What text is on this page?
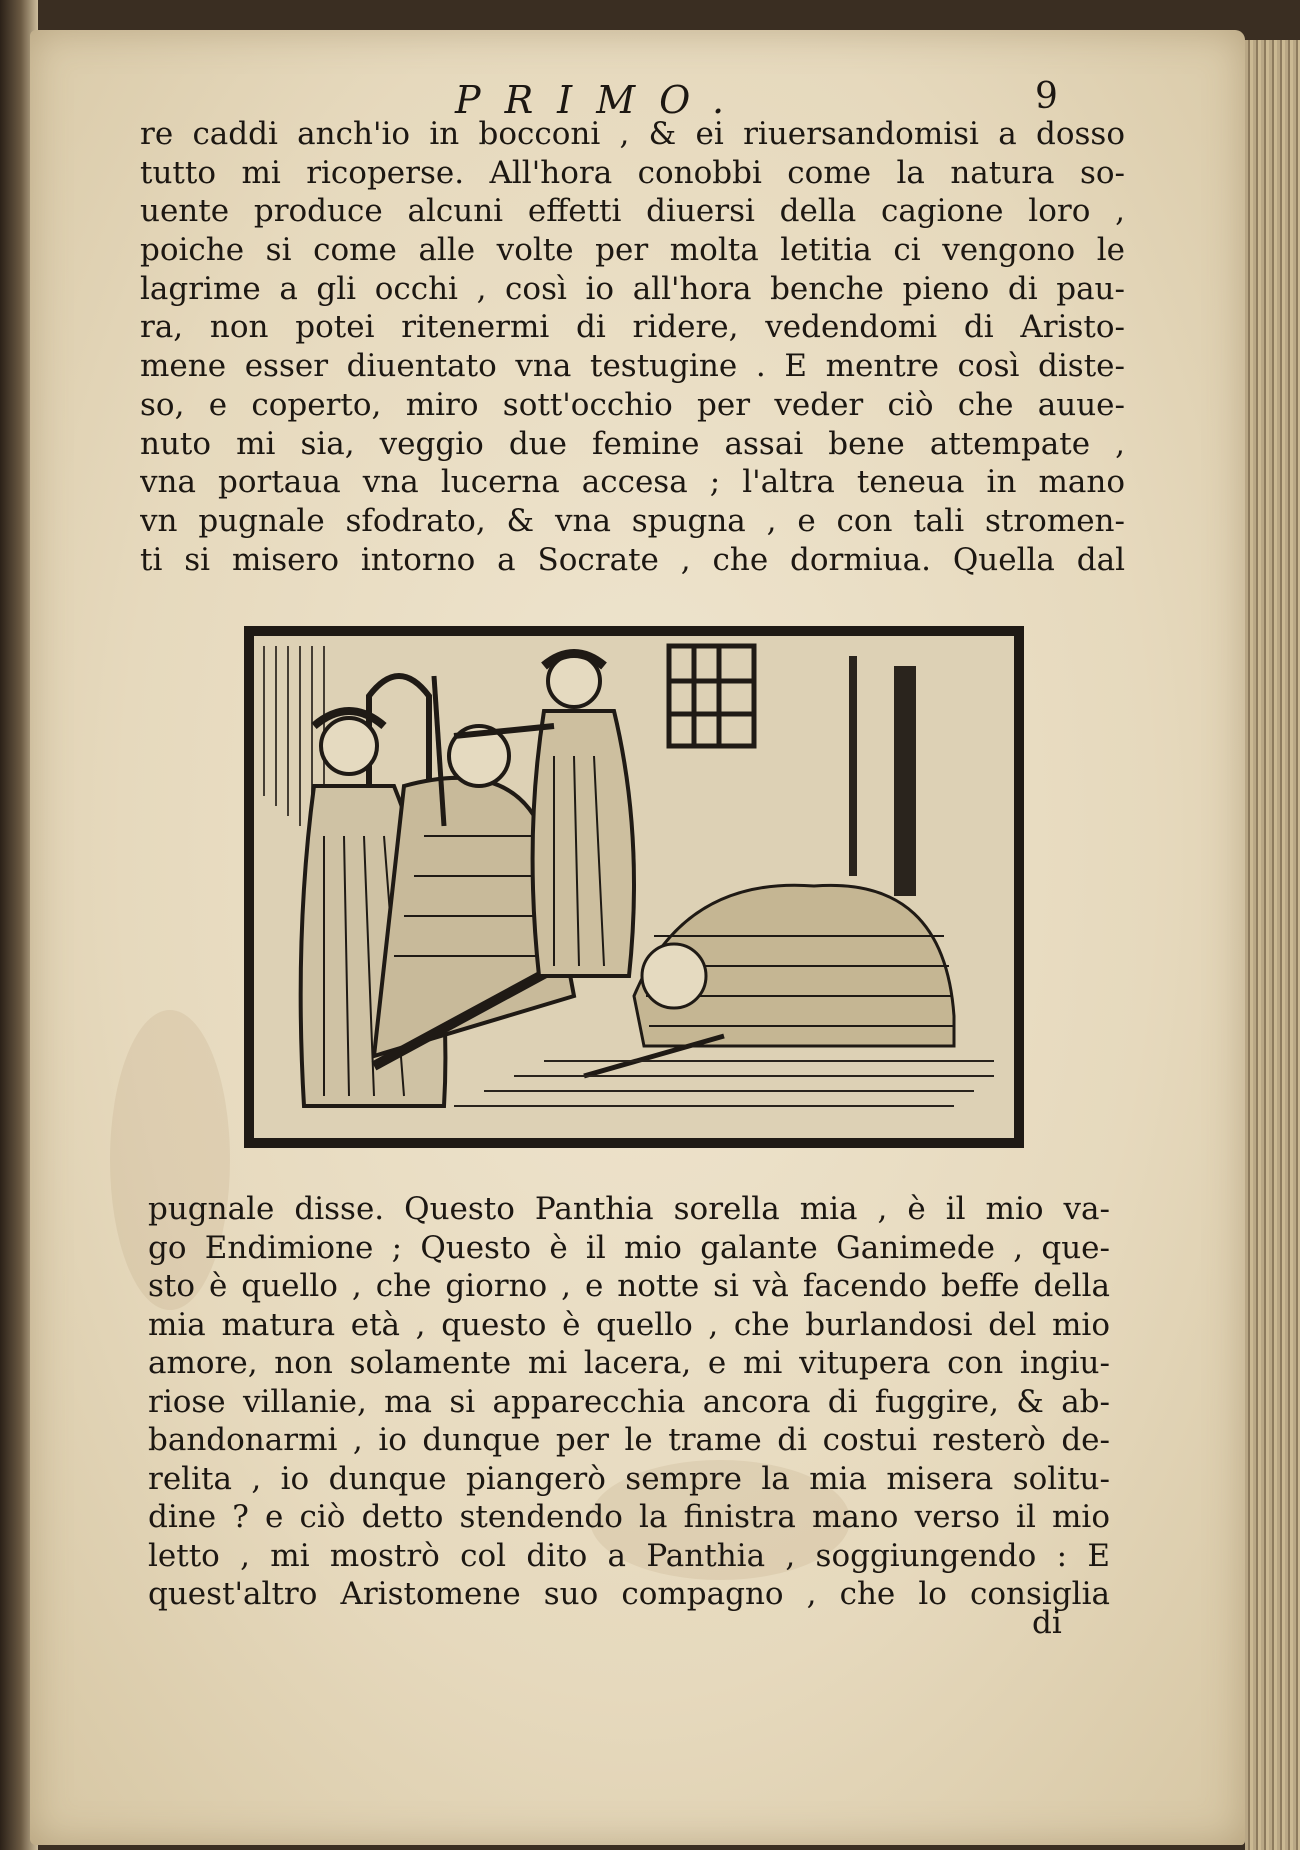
PRIMO.	9
re caddi anch'io in bocconi , & ei riuersandomisi a dosso
tutto mi ricoperse. All'hora conobbi come la natura so-
uente produce alcuni effetti diuersi della cagione loro ,
poiche si come alle volte per molta letitia ci vengono le
lagrime a gli occhi , così io all'hora benche pieno di pau-
ra, non potei ritenermi di ridere, vedendomi di Aristo-
mene esser diuentato vna testugine . E mentre così diste-
so, e coperto, miro sott'occhio per veder ciò che auue-
nuto mi sia, veggio due femine assai bene attempate ,
vna portaua vna lucerna accesa ; l'altra teneua in mano
vn pugnale sfodrato, & vna spugna , e con tali stromen-
ti si misero intorno a Socrate , che dormiua. Quella dal
pugnale disse. Questo Panthia sorella mia , è il mio va-
go Endimione ; Questo è il mio galante Ganimede , que-
sto è quello , che giorno , e notte si và facendo beffe della
mia matura età , questo è quello , che burlandosi del mio
amore, non solamente mi lacera, e mi vitupera con ingiu-
riose villanie, ma si apparecchia ancora di fuggire, & ab-
bandonarmi , io dunque per le trame di costui resterò de-
relita , io dunque piangerò sempre la mia misera solitu-
dine ? e ciò detto stendendo la finistra mano verso il mio
letto , mi mostrò col dito a Panthia , soggiungendo : E
quest'altro Aristomene suo compagno , che lo consiglia
di
